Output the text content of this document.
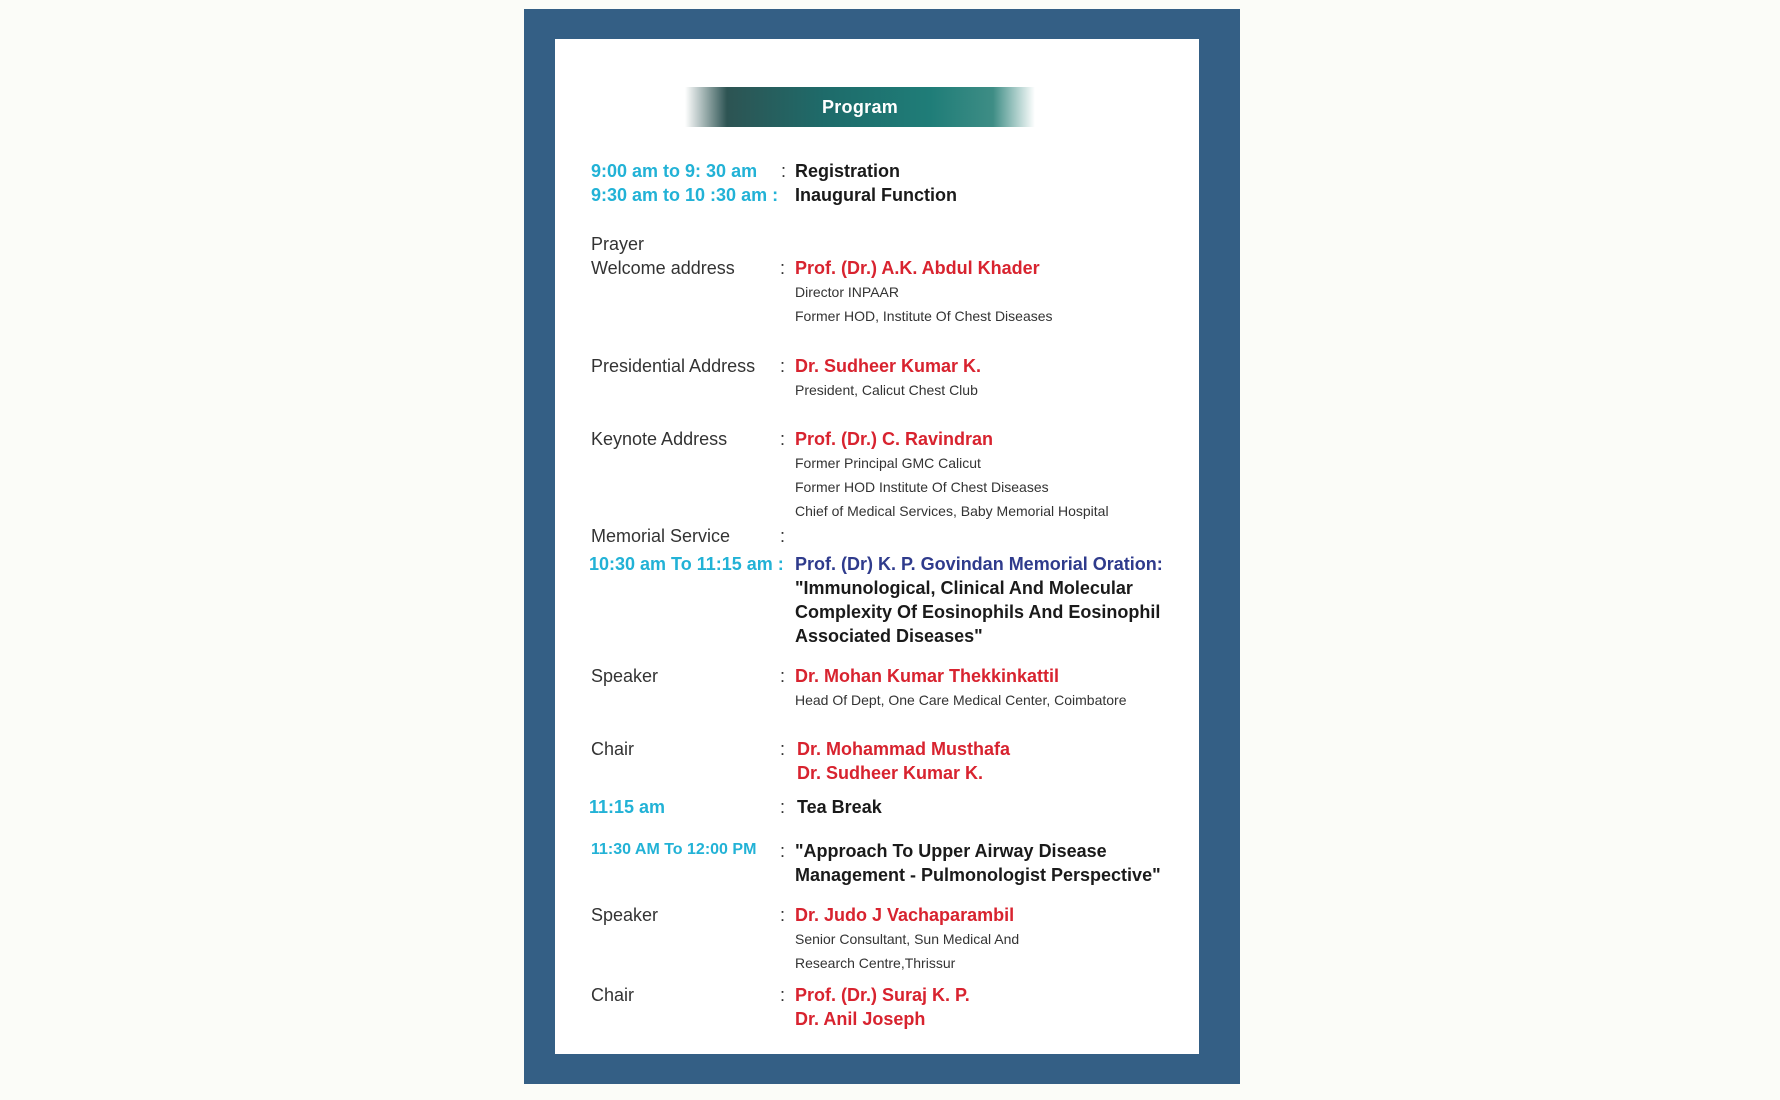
Program
9:00 am to 9: 30 am : Registration
9:30 am to 10 :30 am : Inaugural Function
Prayer
Welcome address	: Prof. (Dr.) A.K. Abdul Khader
Director INPAAR
Former HOD, Institute Of Chest Diseases
Presidential Address : Dr. Sudheer Kumar K.
President, Calicut Chest Club
Keynote Address	: Prof. (Dr.) C. Ravindran
Former Principal GMC Calicut
Former HOD Institute Of Chest Diseases
Chief of Medical Services, Baby Memorial Hospital
Memorial Service	:
10:30 am To 11:15 am : Prof. (Dr) K. P. Govindan Memorial Oration:
"Immunological, Clinical And Molecular
Complexity Of Eosinophils And Eosinophil
Associated Diseases"
Speaker	: Dr. Mohan Kumar Thekkinkattil
Head Of Dept, One Care Medical Center, Coimbatore
Chair	: Dr. Mohammad Musthafa
Dr. Sudheer Kumar K.
11:15 am	: Tea Break
11:30 AM To 12:00 PM : "Approach To Upper Airway Disease
Management - Pulmonologist Perspective"
Speaker	: Dr. Judo J Vachaparambil
Senior Consultant, Sun Medical And
Research Centre,Thrissur
Chair	: Prof. (Dr.) Suraj K. P.
Dr. Anil Joseph
